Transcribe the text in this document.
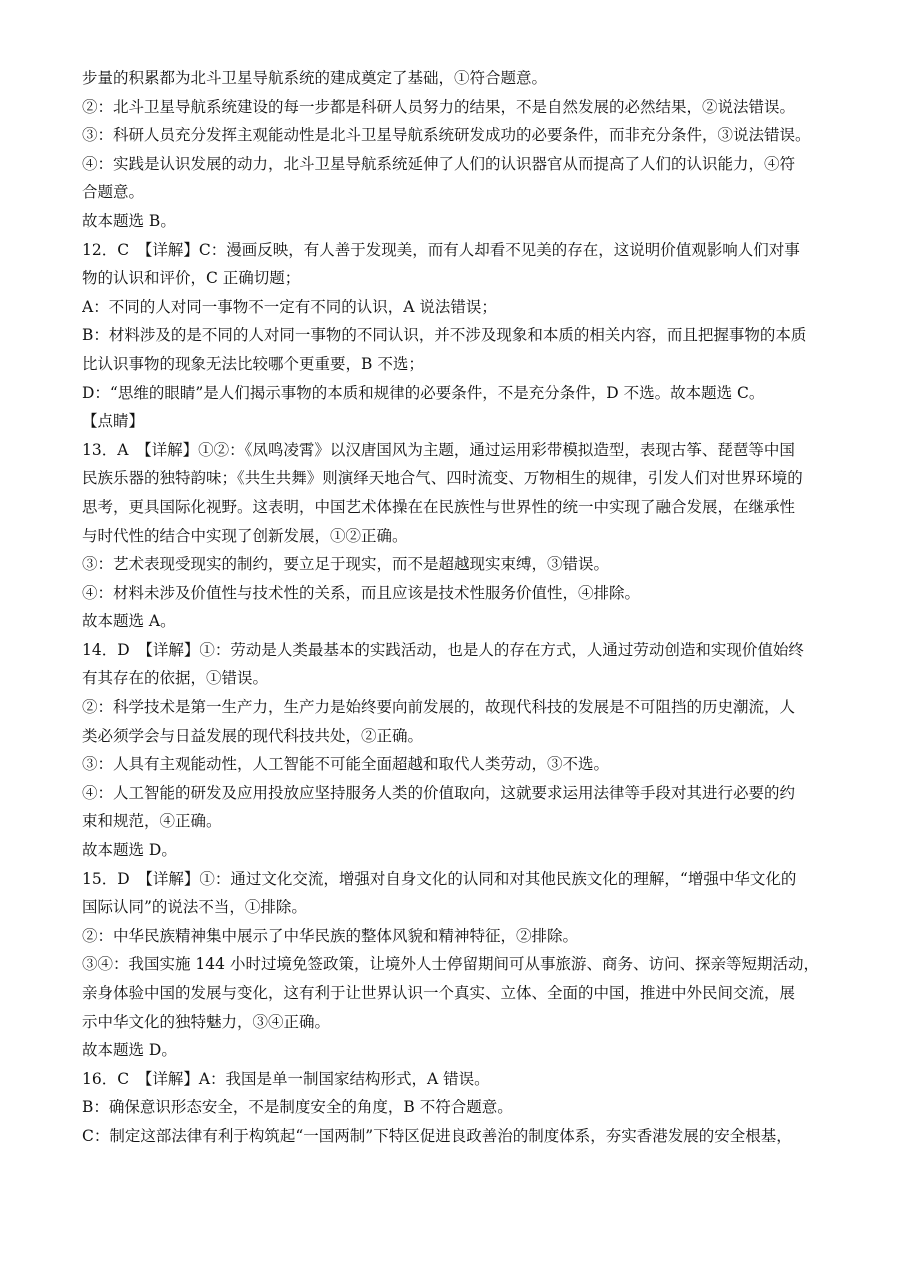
步量的积累都为北斗卫星导航系统的建成奠定了基础，①符合题意。

②：北斗卫星导航系统建设的每一步都是科研人员努力的结果，不是自然发展的必然结果，②说法错误。

③：科研人员充分发挥主观能动性是北斗卫星导航系统研发成功的必要条件，而非充分条件，③说法错误。

④：实践是认识发展的动力，北斗卫星导航系统延伸了人们的认识器官从而提高了人们的认识能力，④符
合题意。

故本题选 B。

12．C　【详解】C：漫画反映，有人善于发现美，而有人却看不见美的存在，这说明价值观影响人们对事
物的认识和评价，C 正确切题；

A：不同的人对同一事物不一定有不同的认识，A 说法错误；

B：材料涉及的是不同的人对同一事物的不同认识，并不涉及现象和本质的相关内容，而且把握事物的本质
比认识事物的现象无法比较哪个更重要，B 不选；

D：“思维的眼睛”是人们揭示事物的本质和规律的必要条件，不是充分条件，D 不选。故本题选 C。

【点睛】

13．A　【详解】①②：《凤鸣凌霄》以汉唐国风为主题，通过运用彩带模拟造型，表现古筝、琵琶等中国
民族乐器的独特韵味；《共生共舞》则演绎天地合气、四时流变、万物相生的规律，引发人们对世界环境的
思考，更具国际化视野。这表明，中国艺术体操在在民族性与世界性的统一中实现了融合发展，在继承性
与时代性的结合中实现了创新发展，①②正确。

③：艺术表现受现实的制约，要立足于现实，而不是超越现实束缚，③错误。

④：材料未涉及价值性与技术性的关系，而且应该是技术性服务价值性，④排除。

故本题选 A。

14．D　【详解】①：劳动是人类最基本的实践活动，也是人的存在方式，人通过劳动创造和实现价值始终
有其存在的依据，①错误。

②：科学技术是第一生产力，生产力是始终要向前发展的，故现代科技的发展是不可阻挡的历史潮流，人
类必须学会与日益发展的现代科技共处，②正确。

③：人具有主观能动性，人工智能不可能全面超越和取代人类劳动，③不选。

④：人工智能的研发及应用投放应坚持服务人类的价值取向，这就要求运用法律等手段对其进行必要的约
束和规范，④正确。

故本题选 D。

15．D　【详解】①：通过文化交流，增强对自身文化的认同和对其他民族文化的理解，“增强中华文化的
国际认同”的说法不当，①排除。

②：中华民族精神集中展示了中华民族的整体风貌和精神特征，②排除。

③④：我国实施 144 小时过境免签政策，让境外人士停留期间可从事旅游、商务、访问、探亲等短期活动，
亲身体验中国的发展与变化，这有利于让世界认识一个真实、立体、全面的中国，推进中外民间交流，展
示中华文化的独特魅力，③④正确。

故本题选 D。

16．C　【详解】A：我国是单一制国家结构形式，A 错误。

B：确保意识形态安全，不是制度安全的角度，B 不符合题意。

C：制定这部法律有利于构筑起“一国两制”下特区促进良政善治的制度体系，夯实香港发展的安全根基，
